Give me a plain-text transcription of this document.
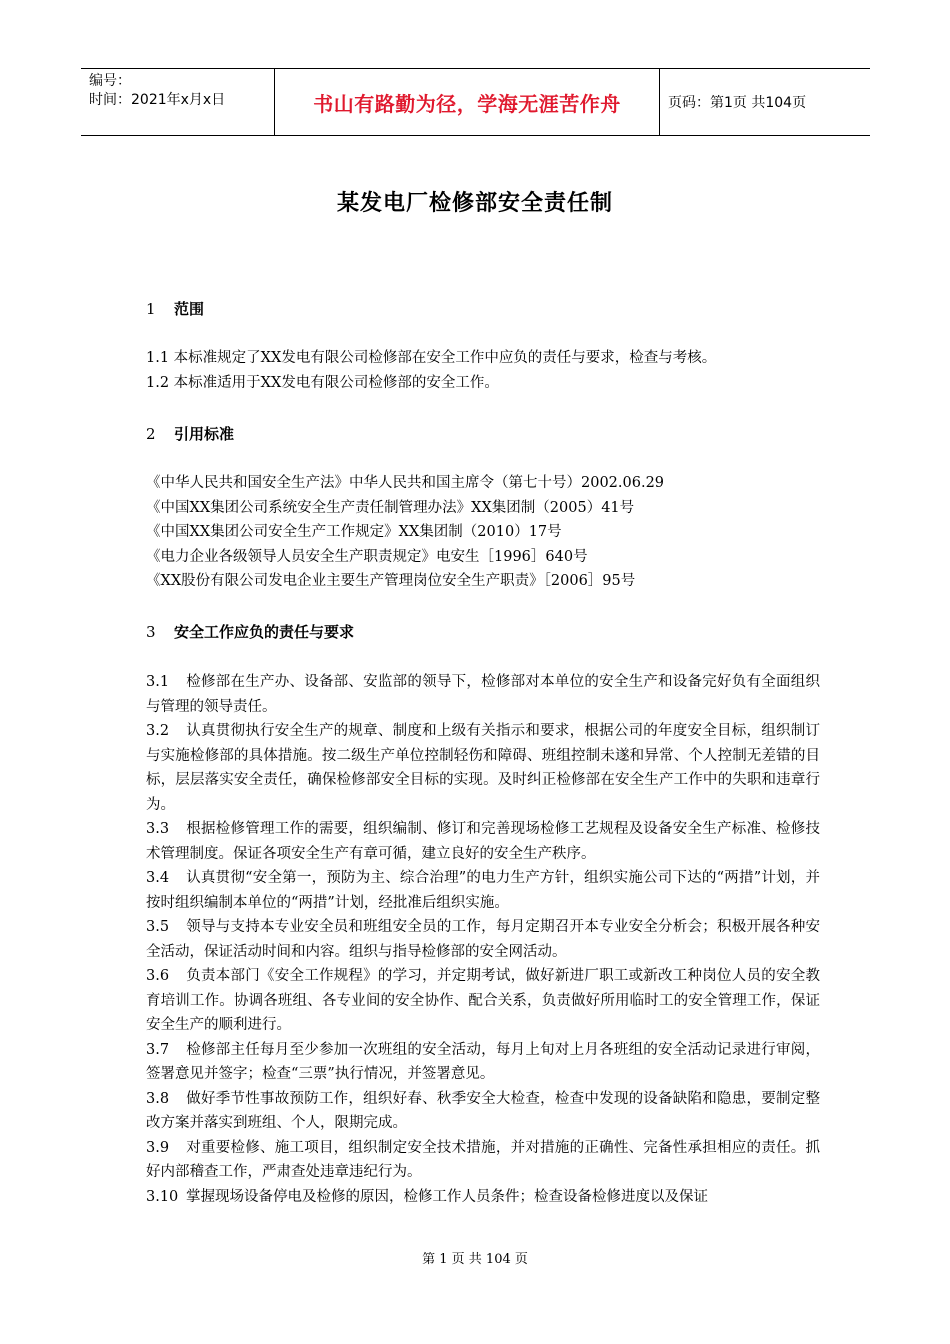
编号：
时间：2021年x月x日	书山有路勤为径，学海无涯苦作舟	页码：第1页 共104页
某发电厂检修部安全责任制
1 范围
1.1 本标准规定了XX发电有限公司检修部在安全工作中应负的责任与要求，检查与考核。
1.2 本标准适用于XX发电有限公司检修部的安全工作。
2 引用标准
《中华人民共和国安全生产法》中华人民共和国主席令（第七十号）2002.06.29
《中国XX集团公司系统安全生产责任制管理办法》XX集团制（2005）41号
《中国XX集团公司安全生产工作规定》XX集团制（2010）17号
《电力企业各级领导人员安全生产职责规定》电安生［1996］640号
《XX股份有限公司发电企业主要生产管理岗位安全生产职责》［2006］95号
3 安全工作应负的责任与要求
3.1 检修部在生产办、设备部、安监部的领导下，检修部对本单位的安全生产和设备完好负有全面组织与管理的领导责任。
3.2 认真贯彻执行安全生产的规章、制度和上级有关指示和要求，根据公司的年度安全目标，组织制订与实施检修部的具体措施。按二级生产单位控制轻伤和障碍、班组控制未遂和异常、个人控制无差错的目标，层层落实安全责任，确保检修部安全目标的实现。及时纠正检修部在安全生产工作中的失职和违章行为。
3.3 根据检修管理工作的需要，组织编制、修订和完善现场检修工艺规程及设备安全生产标准、检修技术管理制度。保证各项安全生产有章可循，建立良好的安全生产秩序。
3.4 认真贯彻“安全第一，预防为主、综合治理”的电力生产方针，组织实施公司下达的“两措”计划，并按时组织编制本单位的“两措”计划，经批准后组织实施。
3.5 领导与支持本专业安全员和班组安全员的工作，每月定期召开本专业安全分析会；积极开展各种安全活动，保证活动时间和内容。组织与指导检修部的安全网活动。
3.6 负责本部门《安全工作规程》的学习，并定期考试，做好新进厂职工或新改工种岗位人员的安全教育培训工作。协调各班组、各专业间的安全协作、配合关系，负责做好所用临时工的安全管理工作，保证安全生产的顺利进行。
3.7 检修部主任每月至少参加一次班组的安全活动，每月上旬对上月各班组的安全活动记录进行审阅，签署意见并签字；检查“三票”执行情况，并签署意见。
3.8 做好季节性事故预防工作，组织好春、秋季安全大检查，检查中发现的设备缺陷和隐患，要制定整改方案并落实到班组、个人，限期完成。
3.9 对重要检修、施工项目，组织制定安全技术措施，并对措施的正确性、完备性承担相应的责任。抓好内部稽查工作，严肃查处违章违纪行为。
3.10 掌握现场设备停电及检修的原因，检修工作人员条件；检查设备检修进度以及保证
第 1 页 共 104 页
